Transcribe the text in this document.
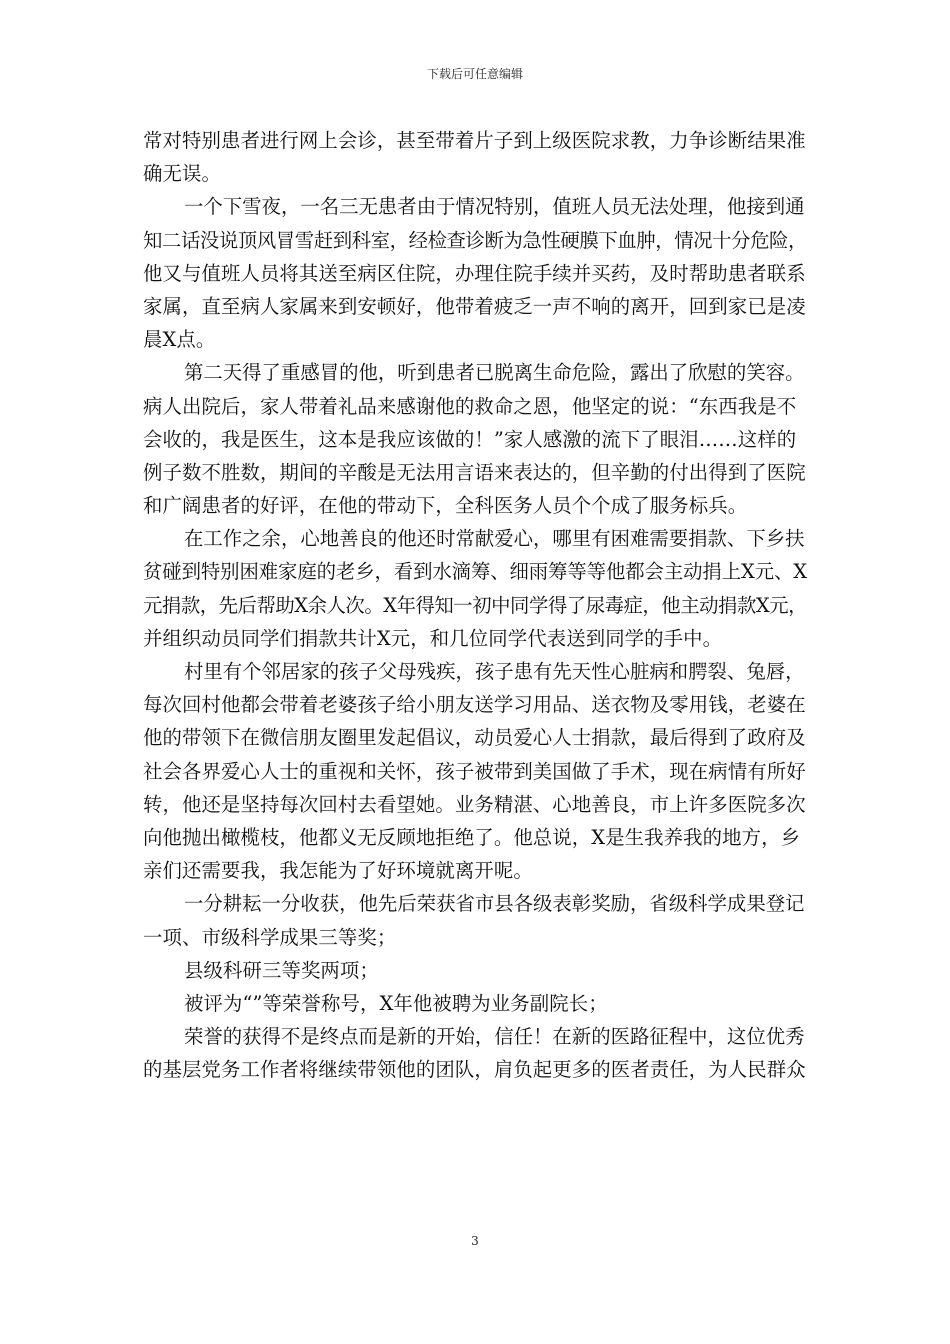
下载后可任意编辑
常对特别患者进行网上会诊，甚至带着片子到上级医院求教，力争诊断结果准
确无误。
一个下雪夜，一名三无患者由于情况特别，值班人员无法处理，他接到通
知二话没说顶风冒雪赶到科室，经检查诊断为急性硬膜下血肿，情况十分危险，
他又与值班人员将其送至病区住院，办理住院手续并买药，及时帮助患者联系
家属，直至病人家属来到安顿好，他带着疲乏一声不响的离开，回到家已是凌
晨X点。
第二天得了重感冒的他，听到患者已脱离生命危险，露出了欣慰的笑容。
病人出院后，家人带着礼品来感谢他的救命之恩，他坚定的说：“东西我是不
会收的，我是医生，这本是我应该做的！”家人感激的流下了眼泪……这样的
例子数不胜数，期间的辛酸是无法用言语来表达的，但辛勤的付出得到了医院
和广阔患者的好评，在他的带动下，全科医务人员个个成了服务标兵。
在工作之余，心地善良的他还时常献爱心，哪里有困难需要捐款、下乡扶
贫碰到特别困难家庭的老乡，看到水滴筹、细雨筹等等他都会主动捐上X元、X
元捐款，先后帮助X余人次。X年得知一初中同学得了尿毒症，他主动捐款X元，
并组织动员同学们捐款共计X元，和几位同学代表送到同学的手中。
村里有个邻居家的孩子父母残疾，孩子患有先天性心脏病和腭裂、兔唇，
每次回村他都会带着老婆孩子给小朋友送学习用品、送衣物及零用钱，老婆在
他的带领下在微信朋友圈里发起倡议，动员爱心人士捐款，最后得到了政府及
社会各界爱心人士的重视和关怀，孩子被带到美国做了手术，现在病情有所好
转，他还是坚持每次回村去看望她。业务精湛、心地善良，市上许多医院多次
向他抛出橄榄枝，他都义无反顾地拒绝了。他总说，X是生我养我的地方，乡
亲们还需要我，我怎能为了好环境就离开呢。
一分耕耘一分收获，他先后荣获省市县各级表彰奖励，省级科学成果登记
一项、市级科学成果三等奖；
县级科研三等奖两项；
被评为“”等荣誉称号，X年他被聘为业务副院长；
荣誉的获得不是终点而是新的开始，信任！在新的医路征程中，这位优秀
的基层党务工作者将继续带领他的团队，肩负起更多的医者责任，为人民群众
3
